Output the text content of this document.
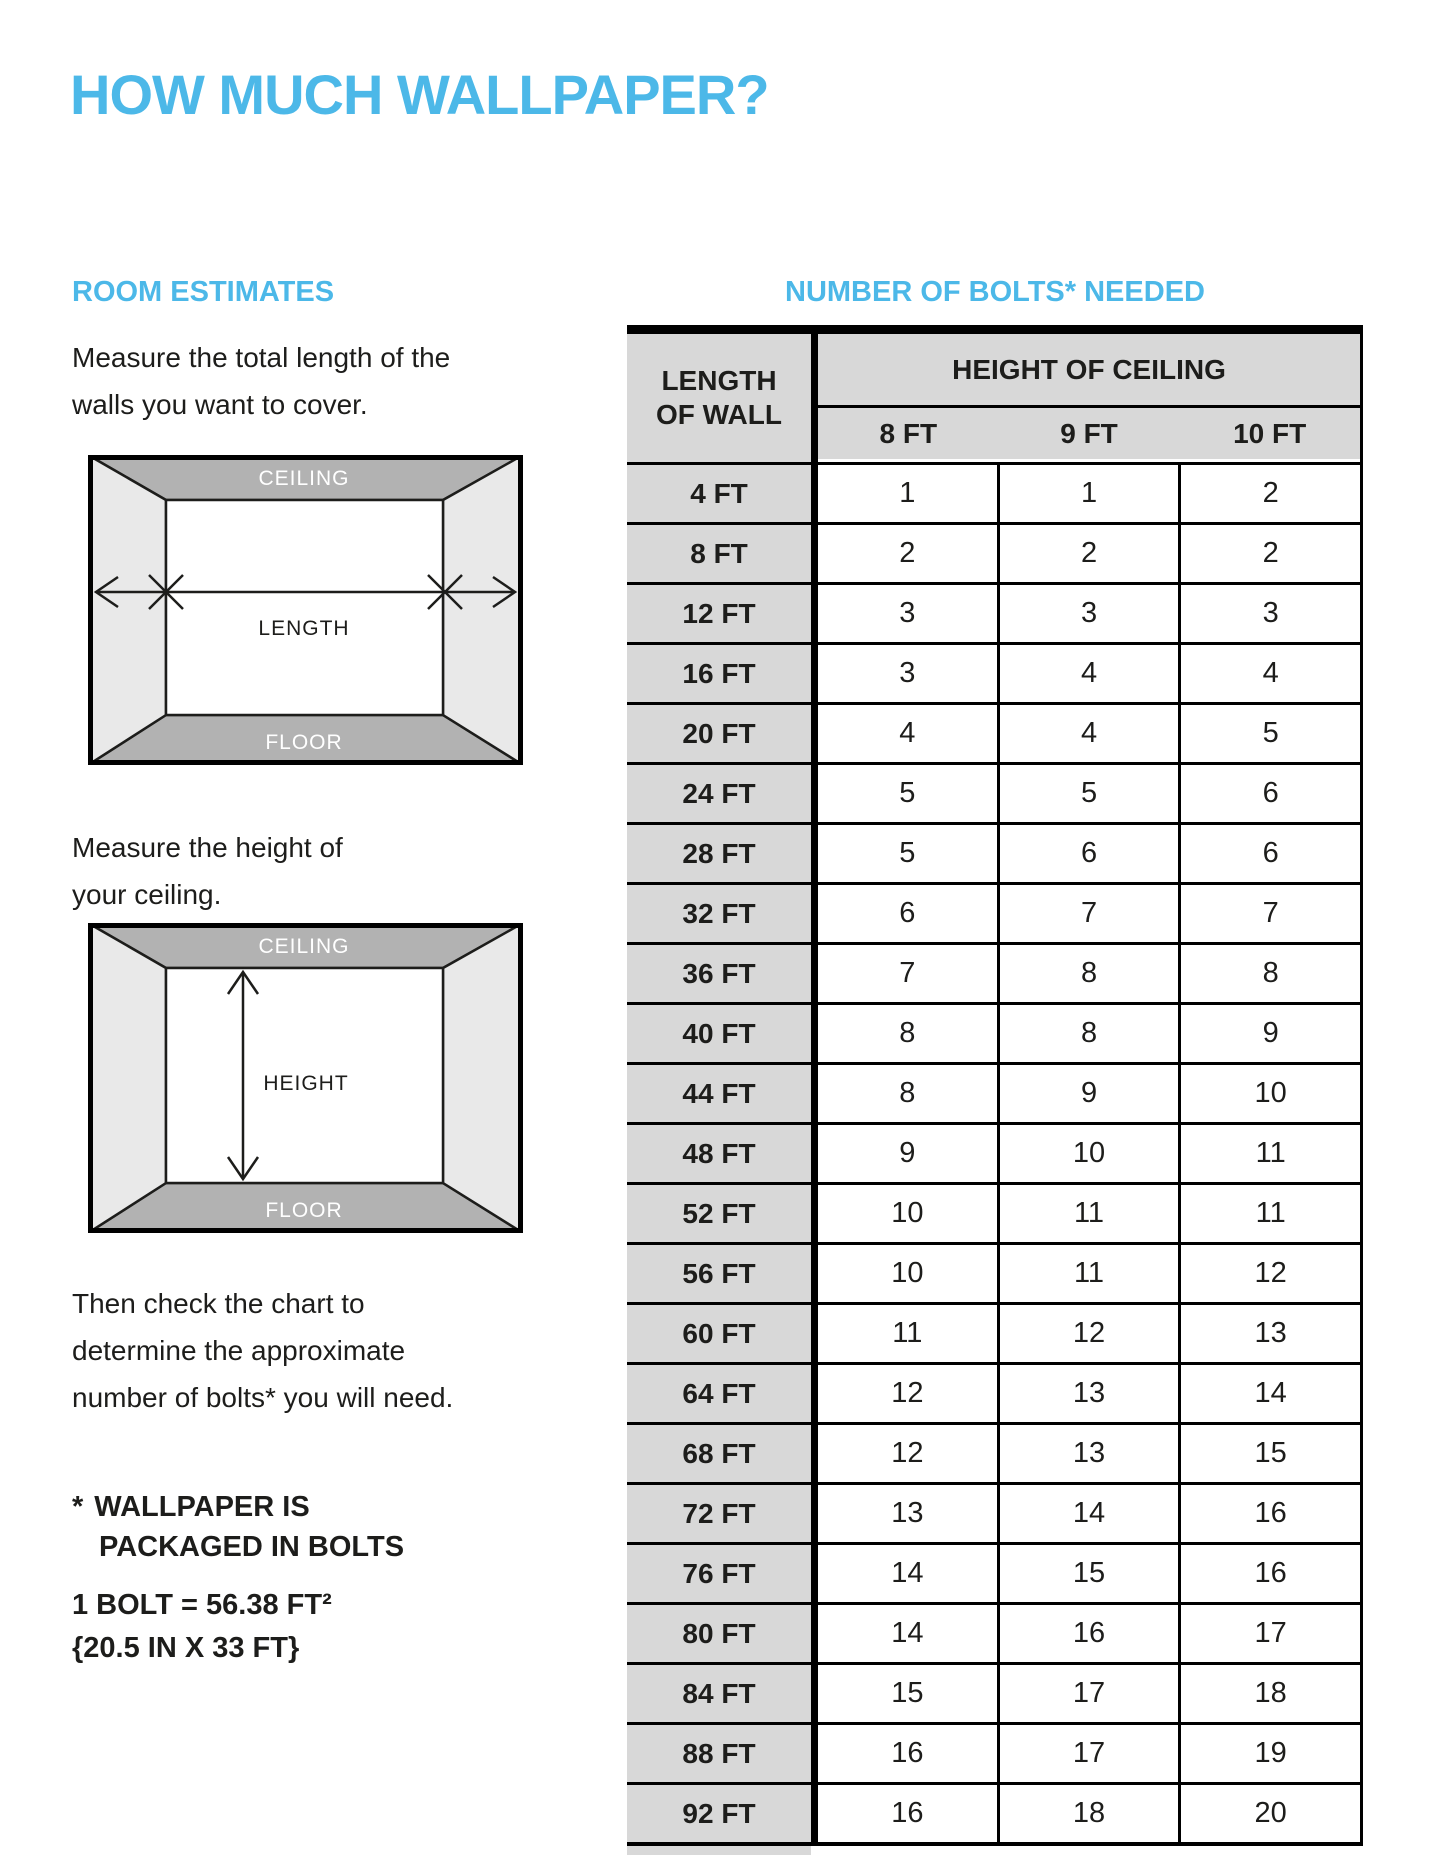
HOW MUCH WALLPAPER?
ROOM ESTIMATES	NUMBER OF BOLTS* NEEDED

Measure the total length of the walls you want to cover.

CEILING
FLOOR
LENGTH

Measure the height of your ceiling.

CEILING
FLOOR
HEIGHT

Then check the chart to determine the approximate number of bolts* you will need.

* WALLPAPER IS

PACKAGED IN BOLTS

1 BOLT = 56.38 FT²

{20.5 IN X 33 FT}

LENGTH OF WALL
HEIGHT OF CEILING
8 FT	9 FT	10 FT
4 FT	1	1	2
8 FT	2	2	2
12 FT	3	3	3
16 FT	3	4	4
20 FT	4	4	5
24 FT	5	5	6
28 FT	5	6	6
32 FT	6	7	7
36 FT	7	8	8
40 FT	8	8	9
44 FT	8	9	10
48 FT	9	10	11
52 FT	10	11	11
56 FT	10	11	12
60 FT	11	12	13
64 FT	12	13	14
68 FT	12	13	15
72 FT	13	14	16
76 FT	14	15	16
80 FT	14	16	17
84 FT	15	17	18
88 FT	16	17	19
92 FT	16	18	20
